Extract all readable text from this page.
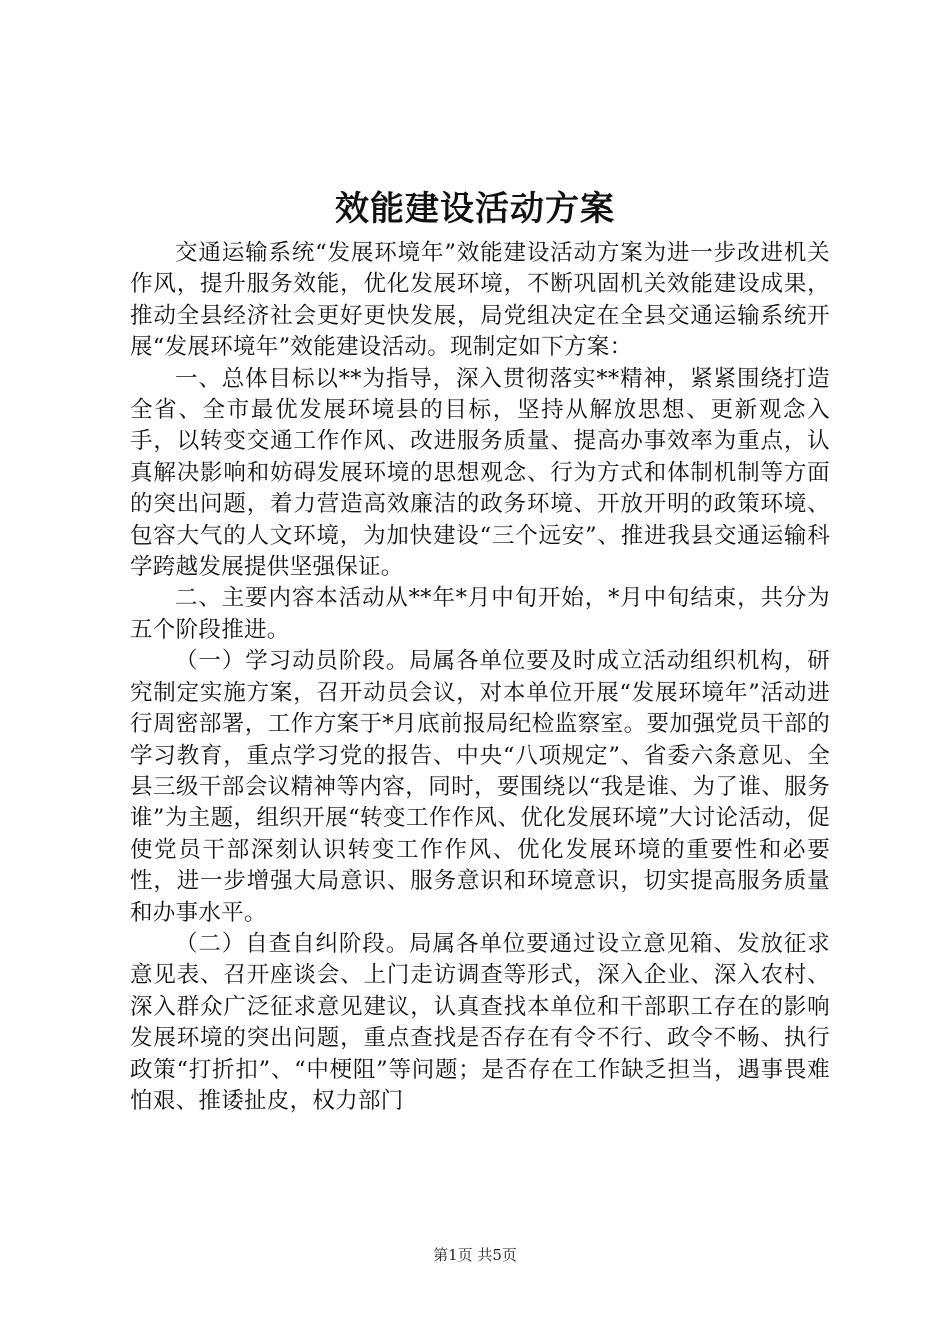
效能建设活动方案

交通运输系统“发展环境年”效能建设活动方案为进一步改进机关作风，提升服务效能，优化发展环境，不断巩固机关效能建设成果，推动全县经济社会更好更快发展，局党组决定在全县交通运输系统开展“发展环境年”效能建设活动。现制定如下方案：

一、总体目标以**为指导，深入贯彻落实**精神，紧紧围绕打造全省、全市最优发展环境县的目标，坚持从解放思想、更新观念入手，以转变交通工作作风、改进服务质量、提高办事效率为重点，认真解决影响和妨碍发展环境的思想观念、行为方式和体制机制等方面的突出问题，着力营造高效廉洁的政务环境、开放开明的政策环境、包容大气的人文环境，为加快建设“三个远安”、推进我县交通运输科学跨越发展提供坚强保证。

二、主要内容本活动从**年*月中旬开始，*月中旬结束，共分为五个阶段推进。

（一）学习动员阶段。局属各单位要及时成立活动组织机构，研究制定实施方案，召开动员会议，对本单位开展“发展环境年”活动进行周密部署，工作方案于*月底前报局纪检监察室。要加强党员干部的学习教育，重点学习党的报告、中央“八项规定”、省委六条意见、全县三级干部会议精神等内容，同时，要围绕以“我是谁、为了谁、服务谁”为主题，组织开展“转变工作作风、优化发展环境”大讨论活动，促使党员干部深刻认识转变工作作风、优化发展环境的重要性和必要性，进一步增强大局意识、服务意识和环境意识，切实提高服务质量和办事水平。

（二）自查自纠阶段。局属各单位要通过设立意见箱、发放征求意见表、召开座谈会、上门走访调查等形式，深入企业、深入农村、深入群众广泛征求意见建议，认真查找本单位和干部职工存在的影响发展环境的突出问题，重点查找是否存在有令不行、政令不畅、执行政策“打折扣”、“中梗阻”等问题；是否存在工作缺乏担当，遇事畏难怕艰、推诿扯皮，权力部门

第1页 共5页
